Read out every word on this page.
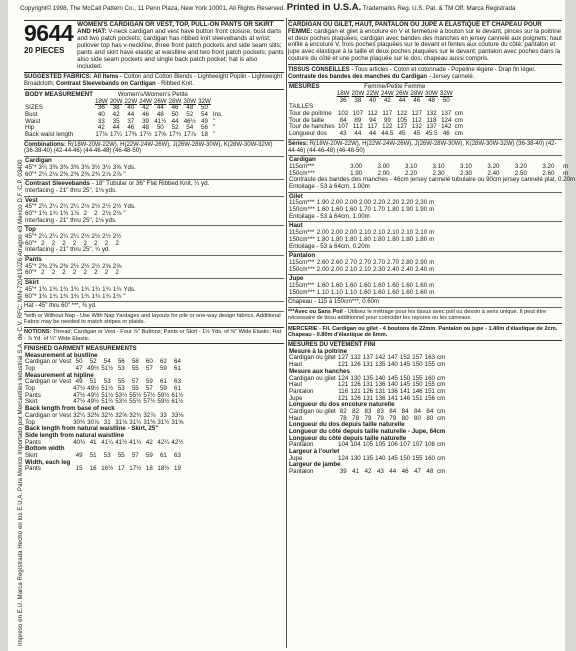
Copyright© 1998, The McCall Pattern Co., 11 Penn Plaza, New York 10001, All Rights Reserved. Printed in U.S.A. Trademarks Reg. U.S. Pat. & TM Off. Marca Registrada
Impreso en E.U. Marca Registrada Hecho en los E.U.A. Para Mexico Importado por Mercantiles Industrial S.A. de C.V. RFC: MIN-720419JZ6 Arragon #3 Mexico D.F. C.P. 03400
9644
20 PIECES
WOMEN'S CARDIGAN OR VEST, TOP, PULL-ON PANTS OR SKIRT AND HAT: V-neck cardigan and vest have button front closure, bust darts and two patch pockets; cardigan has ribbed knit sleevebands at wrist; pullover top has v-neckline, three front patch pockets and side seam slits; pants and skirt have elastic at waistline and two front patch pockets; pants also side seam pockets and single back patch pocket; hat is also included.
SUGGESTED FABRICS: All Items - Cotton and Cotton Blends - Lightweight Poplin - Lightweight Broadcloth; Contrast Sleevebands on Cardigan - Ribbed Knit.
BODY MEASUREMENT	Women's/Women's Petite								
	18W	20W	22W	24W	26W	28W	30W	32W	
SIZES	36	38	40	42	44	46	48	50	
Bust	40	42	44	46	48	50	52	54	Ins.
Waist	33	35	37	39	41½	44	46½	49	"
Hip	42	44	46	48	50	52	54	56	"
Back waist length	17⅛	17¼	17⅜	17½	17⅝	17¾	17⅞	18	"
Combinations: R(18W-20W-22W), H(22W-24W-26W), J(26W-28W-30W), K(28W-30W-32W) (36-38-40) (42-44-46) (44-46-48) (46-48-50)
Cardigan									
45"*	3¼	3⅜	3⅜	3⅜	3⅜	3½	3½	3⅝	Yds.
60"*	2¼	2⅛	2⅜	2⅜	2⅜	2¾	2⅞	2⅞	"
Contrast Sleevebands - 18" Tubular or 36" Flat Ribbed Knit, ¼ yd.
Interfacing - 21" thru 25", 1⅛ yds.
Vest									
45"*	2¼	2¼	2¼	2¼	2½	2½	2½	2½	Yds.
60"*	1¾	1¾	1¾	1⅞	2	2	2⅛	2⅛	"
Interfacing - 21" thru 25", 1⅛ yds.									
Top									
45"*	2¼	2¼	2¼	2¼	2½	2½	2½	2½	
60"*	2	2	2	2	2	2	2	2	
Interfacing - 21" thru 25", ¼ yd.									
Pants									
45"*	2⅜	2⅜	2⅜	2½	2½	2½	2⅝	2⅝	
60"*	2	2	2	2	2	2	2	2	
Skirt									
45"*	1¾	1¾	1¾	1¾	1¾	1¾	1¾	1¾	Yds.
60"*	1¾	1¾	1¾	1¾	1¾	1¾	1¾	1¾	"
Hat - 45" thru 60" ***, ⅜ yd.
*with or Without Nap - Use With Nap Yardages and layouts for pile or one-way design fabrics. Additional Fabric may be needed to match stripes or plaids.
NOTIONS: Thread; Cardigan or Vest - Four ⅞" Buttons; Pants or Skirt - 1½ Yds. of ⅜" Wide Elastic; Hat - ⅞ Yd. of ¼" Wide Elastic.
FINISHED GARMENT MEASUREMENTS
Measurement at bustline									
Cardigan or Vest	50	52	54	56	58	60	62	64	
Top	47	49½	51½	53	55	57	59	61	
Measurement at hipline									
Cardigan or Vest	49	51	53	55	57	59	61	63	
Top	47½	49½	51½	53	55	57	59	61	
Pants	47½	49½	51½	53½	55½	57½	59½	61½	
Skirt	47½	49½	51½	53½	55½	57½	59½	61½	
Back length from base of neck									
Cardigan or Vest	32¼	32⅜	32½	32⅝	32¾	32⅞	33	33⅛	
Top	30¾	30⅞	31	31⅛	31¼	31⅜	31½	31⅝	
Back length from natural waistline - Skirt, 25"									
Side length from natural waistline									
Pants	40¾	41	41¼	41½	41¾	42	42¼	42½	
Bottom width									
Skirt	49	51	53	55	57	59	61	63	
Width, each leg									
Pants	15	16	16½	17	17½	18	18½	19	
CARDIGAN OU GILET, HAUT, PANTALON OU JUPE A ELASTIQUE ET CHAPEAU POUR FEMME: cardigan et gilet à encolure en V et fermeture à bouton sur le devant, pinces sur la poitrine et deux poches plaquées; cardigan avec bandes des manches en jersey cannelé aux poignets; haut enfilé à encolure V, trois poches plaquées sur le devant et fentes aux couture du côté; pantalon et jupe avec élastique à la taille et deux poches plaquées sur le devant; pantalon avec poches dans la couture du côté et une poche plaquée sur le dos; chapeau aussi compris.
TISSUS CONSEILLES - Tous articles - Coton et cotonnade - Popeline légère - Drap fin léger. Contraste des bandes des manches du Cardigan - Jersey cannelé.
MESURES	Femme/Petite Femme								
	18W	20W	22W	24W	26W	28W	30W	32W	
	36	38	40	42	44	46	48	50	
TAILLES									
Tour de poitrine	102	107	112	117	122	127	132	137	cm
Tour de taille	84	89	94	99	105	112	118	124	cm
Tour de hanches	107	112	117	122	127	132	137	142	cm
Longueur dos	43	44	44	44.5	45	45	45.5	46	cm
Séries: R(18W-20W-22W), H(22W-24W-26W), J(26W-28W-30W), K(28W-30W-32W) (36-38-40) (42-44-46) (44-46-48) (46-48-50)
Cardigan									
115cm***	3.00	3.00	3.10	3.10	3.10	3.20	3.20	3.20	m
150cm***	1.90	2.00	2.20	2.30	2.30	2.40	2.50	2.60	m
Contraste des bandes des manches - 46cm jersey cannelé tubulaire ou 90cm jersey cannelé plat, 0.20m									
Entoilage - 53 à 64cm, 1.00m									
Gilet									
115cm***	1.90	2.00	2.00	2.00	2.20	2.20	2.20	2.30	m
150cm***	1.60	1.60	1.60	1.70	1.70	1.80	1.90	1.90	m
Entoilage - 53 à 64cm, 1.00m									
Haut									
115cm***	2.00	2.00	2.00	2.10	2.10	2.10	2.10	2.10	m
150cm***	1.80	1.80	1.80	1.80	1.80	1.80	1.80	1.80	m
Entoilage - 53 à 64cm, 0.20m									
Pantalon									
115cm***	2.60	2.60	2.70	2.70	2.70	2.70	2.80	2.90	m
150cm***	2.00	2.00	2.10	2.10	2.30	2.40	2.40	2.40	m
Jupe									
115cm***	1.60	1.60	1.60	1.60	1.60	1.60	1.60	1.60	m
150cm***	1.10	1.10	1.10	1.60	1.60	1.60	1.60	1.60	m
Chapeau - 115 à 150cm***, 0.60m
***Avec ou Sans Poil - Utilisez le métrage pour les tissus avec poil ou dessin à sens unique. Il peut être nécessaire de tissu additionnel pour coïncider les rayures ou les carreaux.
MERCERIE - Fil. Cardigan ou gilet - 4 boutons de 22mm. Pantalon ou jupe - 1.40m d'élastique de 2cm. Chapeau - 0.80m d'élastique de 6mm.
MESURES DU VETEMENT FINI
Mesure à la poitrine									
Cardigan ou gilet	127	132	137	142	147	152	157	163	cm
Haut	121	126	131	135	140	145	150	155	cm
Mesure aux hanches									
Cardigan ou gilet	124	130	135	140	145	150	155	160	cm
Haut	121	126	131	136	140	145	150	155	cm
Pantalon	116	121	126	131	136	141	146	151	cm
Jupe	121	126	131	136	141	146	151	156	cm
Longueur du dos encolure naturelle									
Cardigan ou gilet	82	82	83	83	84	84	84	84	cm
Haut	78	78	79	79	79	80	80	80	cm
Longueur du dos depuis taille naturelle									
Longueur du côté depuis taille naturelle - Jupe, 64cm									
Longueur du côté depuis taille naturelle									
Pantalon	104	104	105	105	106	107	107	108	cm
Largeur à l'ourlet									
Jupe	124	130	135	140	145	150	155	160	cm
Largeur de jambe									
Pantalon	39	41	42	43	44	46	47	48	cm
